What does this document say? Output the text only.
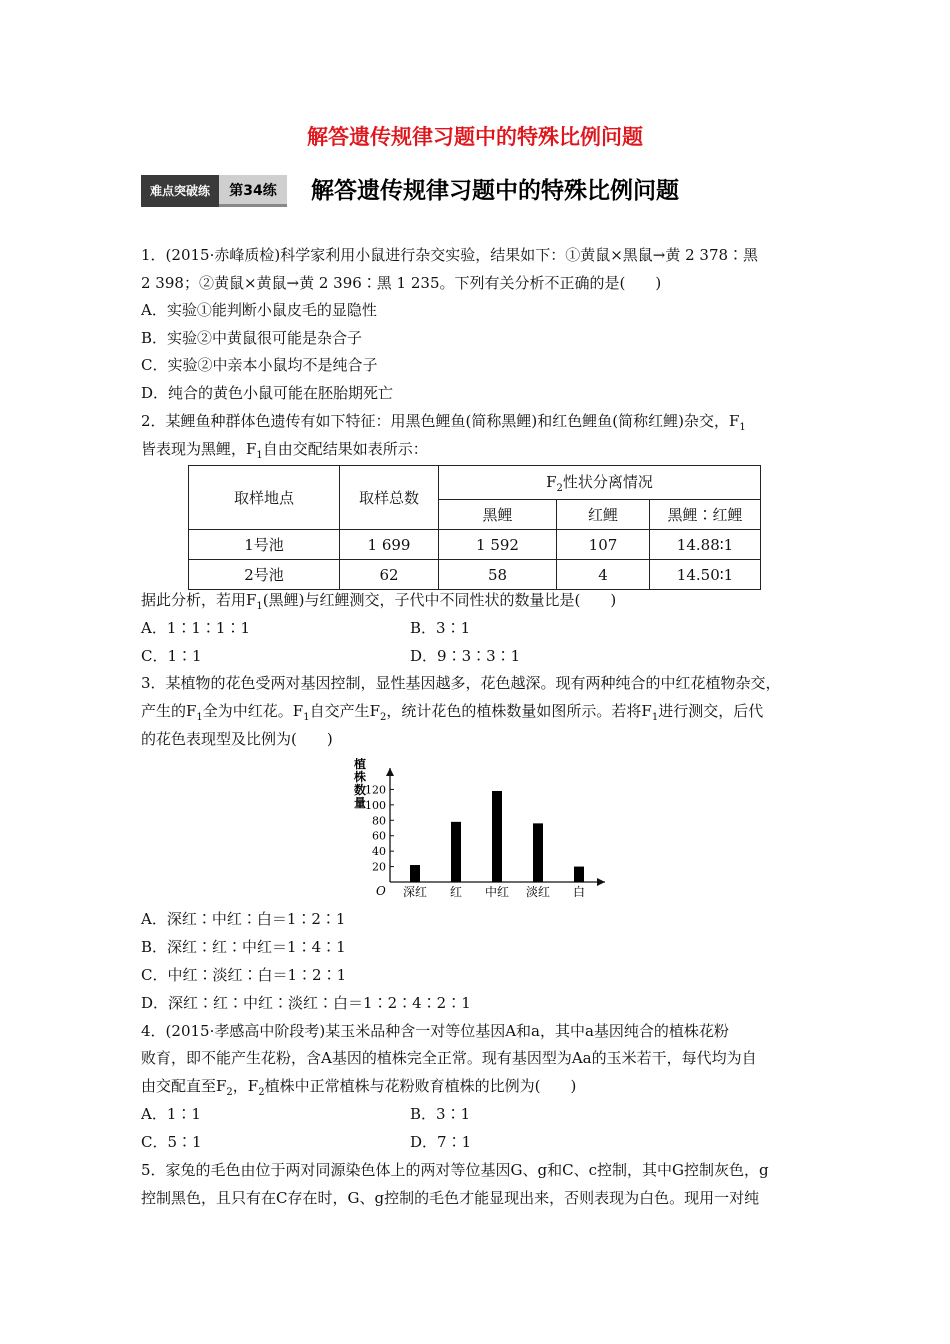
解答遗传规律习题中的特殊比例问题
难点突破练	第34练	解答遗传规律习题中的特殊比例问题
1．(2015·赤峰质检)科学家利用小鼠进行杂交实验，结果如下：①黄鼠×黑鼠→黄 2 378∶黑
2 398；②黄鼠×黄鼠→黄 2 396∶黑 1 235。下列有关分析不正确的是(　　)
A．实验①能判断小鼠皮毛的显隐性
B．实验②中黄鼠很可能是杂合子
C．实验②中亲本小鼠均不是纯合子
D．纯合的黄色小鼠可能在胚胎期死亡
2．某鲤鱼种群体色遗传有如下特征：用黑色鲤鱼(简称黑鲤)和红色鲤鱼(简称红鲤)杂交，$F_1$
皆表现为黑鲤，$F_1$自由交配结果如表所示：
取样地点	取样总数	$F_2$性状分离情况		
		黑鲤	红鲤	黑鲤∶红鲤
1号池	1 699	1 592	107	14.88∶1
2号池	62	58	4	14.50∶1
据此分析，若用$F_1$(黑鲤)与红鲤测交，子代中不同性状的数量比是(　　)
A．1∶1∶1∶1	B．3∶1
C．1∶1	D．9∶3∶3∶1
3．某植物的花色受两对基因控制，显性基因越多，花色越深。现有两种纯合的中红花植物杂交，
产生的$F_1$全为中红花。$F_1$自交产生$F_2$，统计花色的植株数量如图所示。若将$F_1$进行测交，后代
的花色表现型及比例为(　　)
植株数量
O
20
40
60
80
100
120
深红 红 中红 淡红 白
A．深红∶中红∶白＝1∶2∶1
B．深红∶红∶中红＝1∶4∶1
C．中红∶淡红∶白＝1∶2∶1
D．深红∶红∶中红∶淡红∶白＝1∶2∶4∶2∶1
4．(2015·孝感高中阶段考)某玉米品种含一对等位基因A和a，其中a基因纯合的植株花粉
败育，即不能产生花粉，含A基因的植株完全正常。现有基因型为Aa的玉米若干，每代均为自
由交配直至$F_2$，$F_2$植株中正常植株与花粉败育植株的比例为(　　)
A．1∶1	B．3∶1
C．5∶1	D．7∶1
5．家兔的毛色由位于两对同源染色体上的两对等位基因G、g和C、c控制，其中G控制灰色，g
控制黑色，且只有在C存在时，G、g控制的毛色才能显现出来，否则表现为白色。现用一对纯
